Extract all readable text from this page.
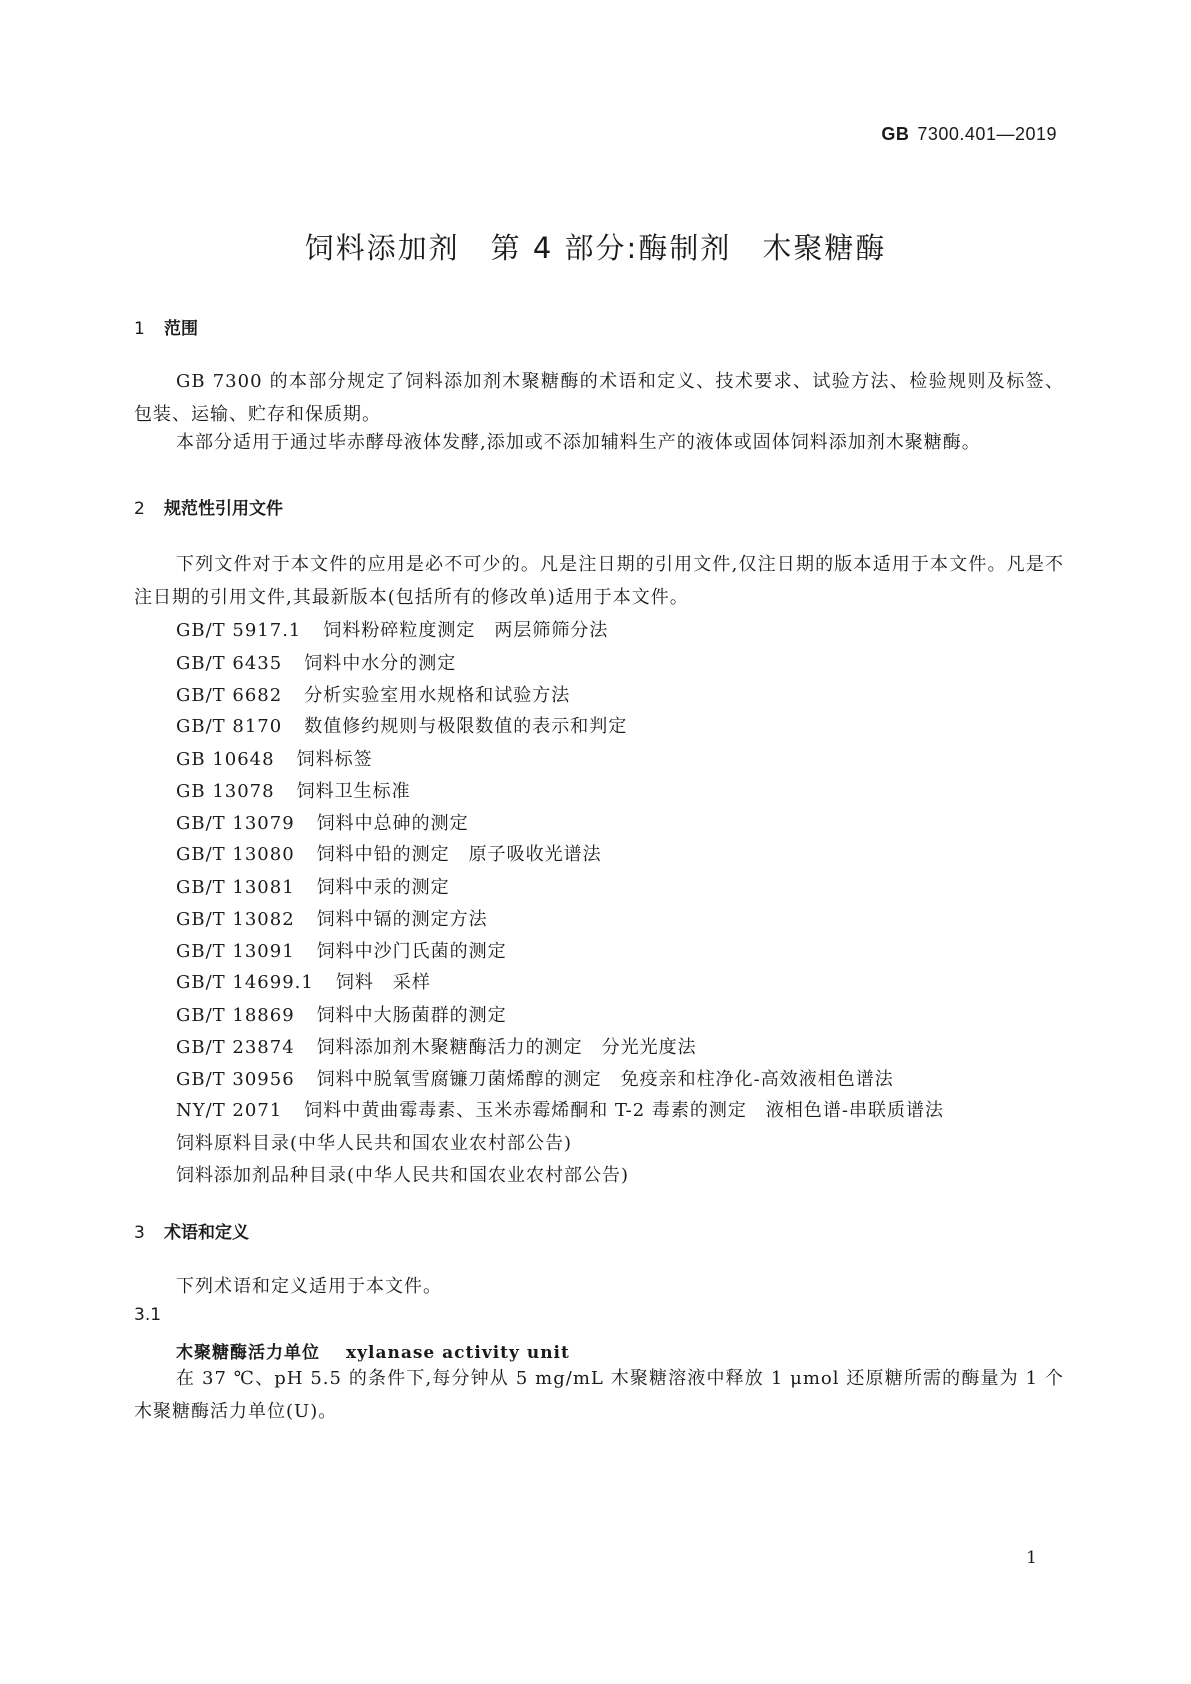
GB 7300.401—2019
饲料添加剂　第 4 部分:酶制剂　木聚糖酶
1 范围
GB 7300 的本部分规定了饲料添加剂木聚糖酶的术语和定义、技术要求、试验方法、检验规则及标签、包装、运输、贮存和保质期。
本部分适用于通过毕赤酵母液体发酵,添加或不添加辅料生产的液体或固体饲料添加剂木聚糖酶。
2 规范性引用文件
下列文件对于本文件的应用是必不可少的。凡是注日期的引用文件,仅注日期的版本适用于本文件。凡是不注日期的引用文件,其最新版本(包括所有的修改单)适用于本文件。
GB/T 5917.1 饲料粉碎粒度测定　两层筛筛分法
GB/T 6435 饲料中水分的测定
GB/T 6682 分析实验室用水规格和试验方法
GB/T 8170 数值修约规则与极限数值的表示和判定
GB 10648 饲料标签
GB 13078 饲料卫生标准
GB/T 13079 饲料中总砷的测定
GB/T 13080 饲料中铅的测定　原子吸收光谱法
GB/T 13081 饲料中汞的测定
GB/T 13082 饲料中镉的测定方法
GB/T 13091 饲料中沙门氏菌的测定
GB/T 14699.1 饲料　采样
GB/T 18869 饲料中大肠菌群的测定
GB/T 23874 饲料添加剂木聚糖酶活力的测定　分光光度法
GB/T 30956 饲料中脱氧雪腐镰刀菌烯醇的测定　免疫亲和柱净化-高效液相色谱法
NY/T 2071 饲料中黄曲霉毒素、玉米赤霉烯酮和 T-2 毒素的测定　液相色谱-串联质谱法
饲料原料目录(中华人民共和国农业农村部公告)
饲料添加剂品种目录(中华人民共和国农业农村部公告)
3 术语和定义
下列术语和定义适用于本文件。
3.1
木聚糖酶活力单位 xylanase activity unit
在 37 ℃、pH 5.5 的条件下,每分钟从 5 mg/mL 木聚糖溶液中释放 1 μmol 还原糖所需的酶量为 1 个木聚糖酶活力单位(U)。
1
